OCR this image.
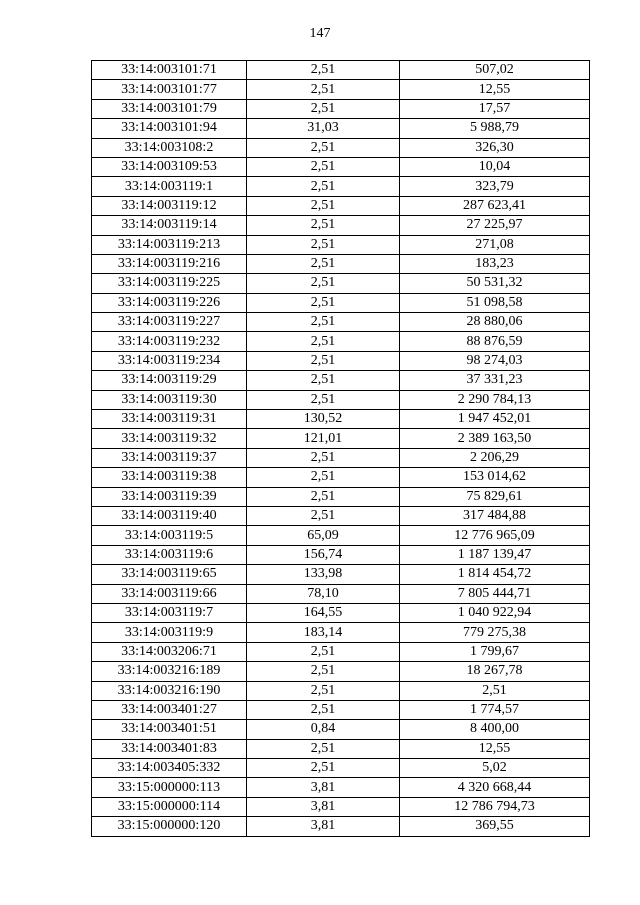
147
33:14:003101:71	2,51	507,02
33:14:003101:77	2,51	12,55
33:14:003101:79	2,51	17,57
33:14:003101:94	31,03	5 988,79
33:14:003108:2	2,51	326,30
33:14:003109:53	2,51	10,04
33:14:003119:1	2,51	323,79
33:14:003119:12	2,51	287 623,41
33:14:003119:14	2,51	27 225,97
33:14:003119:213	2,51	271,08
33:14:003119:216	2,51	183,23
33:14:003119:225	2,51	50 531,32
33:14:003119:226	2,51	51 098,58
33:14:003119:227	2,51	28 880,06
33:14:003119:232	2,51	88 876,59
33:14:003119:234	2,51	98 274,03
33:14:003119:29	2,51	37 331,23
33:14:003119:30	2,51	2 290 784,13
33:14:003119:31	130,52	1 947 452,01
33:14:003119:32	121,01	2 389 163,50
33:14:003119:37	2,51	2 206,29
33:14:003119:38	2,51	153 014,62
33:14:003119:39	2,51	75 829,61
33:14:003119:40	2,51	317 484,88
33:14:003119:5	65,09	12 776 965,09
33:14:003119:6	156,74	1 187 139,47
33:14:003119:65	133,98	1 814 454,72
33:14:003119:66	78,10	7 805 444,71
33:14:003119:7	164,55	1 040 922,94
33:14:003119:9	183,14	779 275,38
33:14:003206:71	2,51	1 799,67
33:14:003216:189	2,51	18 267,78
33:14:003216:190	2,51	2,51
33:14:003401:27	2,51	1 774,57
33:14:003401:51	0,84	8 400,00
33:14:003401:83	2,51	12,55
33:14:003405:332	2,51	5,02
33:15:000000:113	3,81	4 320 668,44
33:15:000000:114	3,81	12 786 794,73
33:15:000000:120	3,81	369,55
